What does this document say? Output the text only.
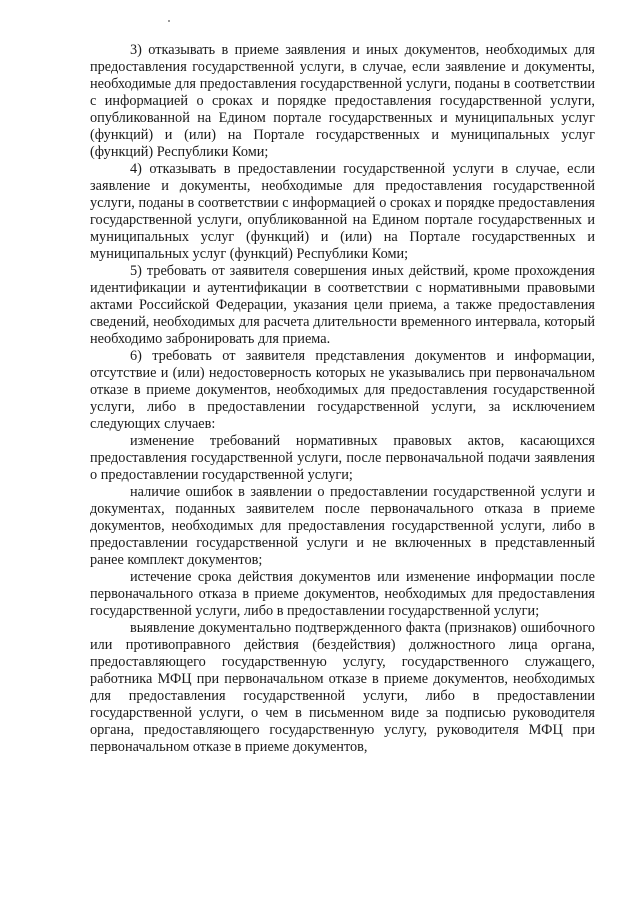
3) отказывать в приеме заявления и иных документов, необходимых для предоставления государственной услуги, в случае, если заявление и документы, необходимые для предоставления государственной услуги, поданы в соответствии с информацией о сроках и порядке предоставления государственной услуги, опубликованной на Едином портале государственных и муниципальных услуг (функций) и (или) на Портале государственных и муниципальных услуг (функций) Республики Коми;

4) отказывать в предоставлении государственной услуги в случае, если заявление и документы, необходимые для предоставления государственной услуги, поданы в соответствии с информацией о сроках и порядке предоставления государственной услуги, опубликованной на Едином портале государственных и муниципальных услуг (функций) и (или) на Портале государственных и муниципальных услуг (функций) Республики Коми;

5) требовать от заявителя совершения иных действий, кроме прохождения идентификации и аутентификации в соответствии с нормативными правовыми актами Российской Федерации, указания цели приема, а также предоставления сведений, необходимых для расчета длительности временного интервала, который необходимо забронировать для приема.

6) требовать от заявителя представления документов и информации, отсутствие и (или) недостоверность которых не указывались при первоначальном отказе в приеме документов, необходимых для предоставления государственной услуги, либо в предоставлении государственной услуги, за исключением следующих случаев:

изменение требований нормативных правовых актов, касающихся предоставления государственной услуги, после первоначальной подачи заявления о предоставлении государственной услуги;

наличие ошибок в заявлении о предоставлении государственной услуги и документах, поданных заявителем после первоначального отказа в приеме документов, необходимых для предоставления государственной услуги, либо в предоставлении государственной услуги и не включенных в представленный ранее комплект документов;

истечение срока действия документов или изменение информации после первоначального отказа в приеме документов, необходимых для предоставления государственной услуги, либо в предоставлении государственной услуги;

выявление документально подтвержденного факта (признаков) ошибочного или противоправного действия (бездействия) должностного лица органа, предоставляющего государственную услугу, государственного служащего, работника МФЦ при первоначальном отказе в приеме документов, необходимых для предоставления государственной услуги, либо в предоставлении государственной услуги, о чем в письменном виде за подписью руководителя органа, предоставляющего государственную услугу, руководителя МФЦ при первоначальном отказе в приеме документов,
